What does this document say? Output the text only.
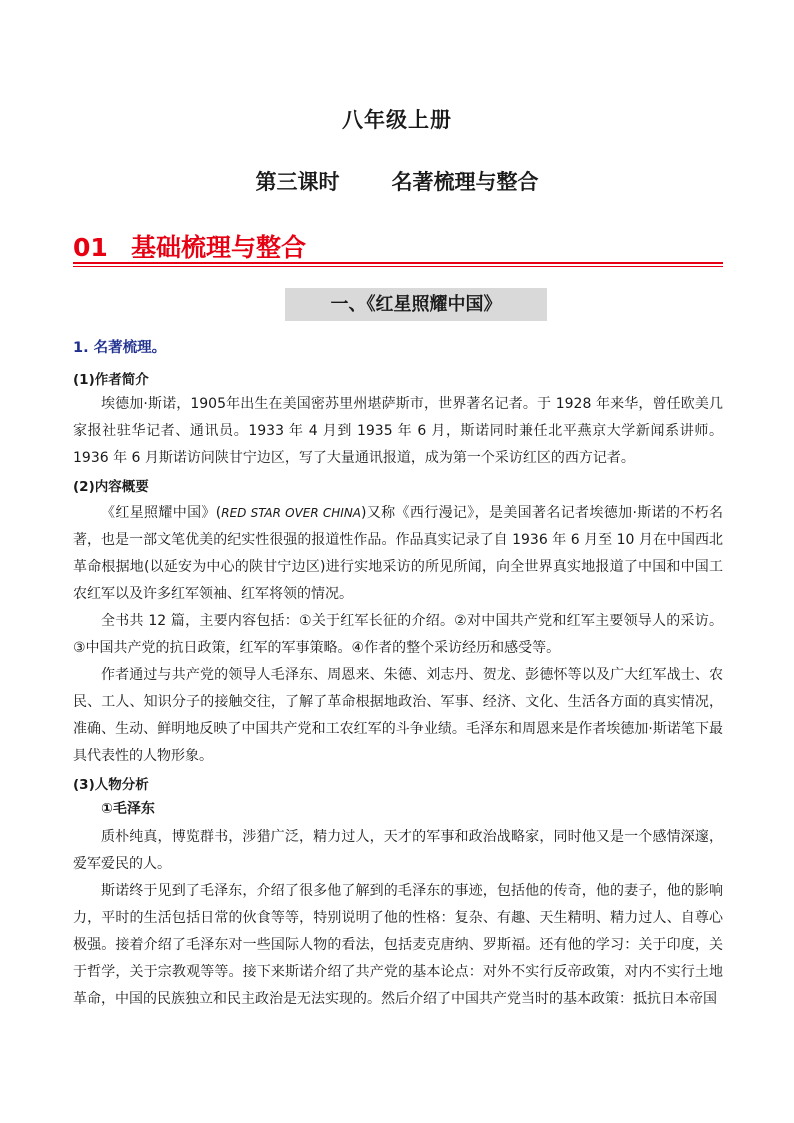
八年级上册
第三课时 名著梳理与整合
01 基础梳理与整合
一、《红星照耀中国》
1. 名著梳理。
(1)作者简介
埃德加·斯诺，1905年出生在美国密苏里州堪萨斯市，世界著名记者。于 1928 年来华，曾任欧美几家报社驻华记者、通讯员。1933 年 4 月到 1935 年 6 月，斯诺同时兼任北平燕京大学新闻系讲师。1936 年 6 月斯诺访问陕甘宁边区，写了大量通讯报道，成为第一个采访红区的西方记者。
(2)内容概要
《红星照耀中国》(RED STAR OVER CHINA)又称《西行漫记》，是美国著名记者埃德加·斯诺的不朽名著，也是一部文笔优美的纪实性很强的报道性作品。作品真实记录了自 1936 年 6 月至 10 月在中国西北革命根据地(以延安为中心的陕甘宁边区)进行实地采访的所见所闻，向全世界真实地报道了中国和中国工农红军以及许多红军领袖、红军将领的情况。
全书共 12 篇，主要内容包括：①关于红军长征的介绍。②对中国共产党和红军主要领导人的采访。③中国共产党的抗日政策，红军的军事策略。④作者的整个采访经历和感受等。
作者通过与共产党的领导人毛泽东、周恩来、朱德、刘志丹、贺龙、彭德怀等以及广大红军战士、农民、工人、知识分子的接触交往，了解了革命根据地政治、军事、经济、文化、生活各方面的真实情况，准确、生动、鲜明地反映了中国共产党和工农红军的斗争业绩。毛泽东和周恩来是作者埃德加·斯诺笔下最具代表性的人物形象。
(3)人物分析
①毛泽东
质朴纯真，博览群书，涉猎广泛，精力过人，天才的军事和政治战略家，同时他又是一个感情深邃，爱军爱民的人。
斯诺终于见到了毛泽东，介绍了很多他了解到的毛泽东的事迹，包括他的传奇，他的妻子，他的影响力，平时的生活包括日常的伙食等等，特别说明了他的性格：复杂、有趣、天生精明、精力过人、自尊心极强。接着介绍了毛泽东对一些国际人物的看法，包括麦克唐纳、罗斯福。还有他的学习：关于印度，关于哲学，关于宗教观等等。接下来斯诺介绍了共产党的基本论点：对外不实行反帝政策，对内不实行土地革命，中国的民族独立和民主政治是无法实现的。然后介绍了中国共产党当时的基本政策：抵抗日本帝国
